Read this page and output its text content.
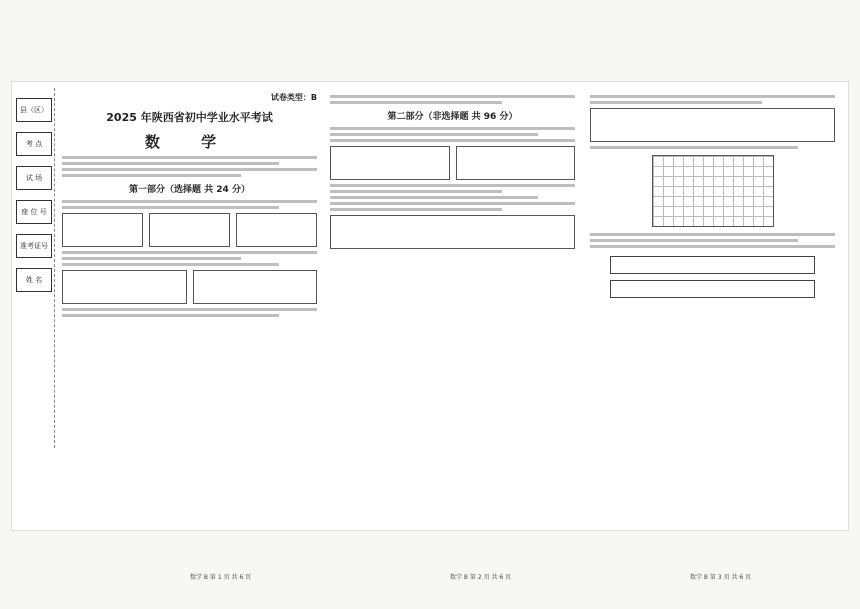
县（区）
考 点
试 场
座 位 号
准考证号
姓 名
试卷类型：B
2025 年陕西省初中学业水平考试
数 学
第一部分（选择题 共 24 分）
第二部分（非选择题 共 96 分）
数学 B 第 1 页 共 6 页	数学 B 第 2 页 共 6 页	数学 B 第 3 页 共 6 页
